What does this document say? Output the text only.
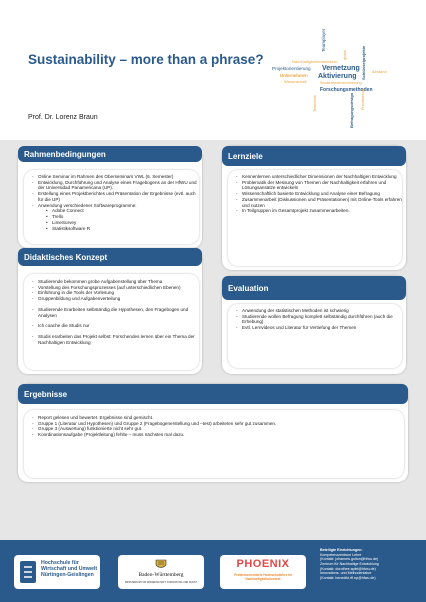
Sustainability – more than a phrase?
Prof. Dr. Lorenz Braun
Teamplayer
Nachhaltigkeit/entwickeln
Projektorientierung Vernetzung
Unternehmen Aktivierung
Wissenschaft	Studierendenzentrierung
Forschungsmethoden
Schlüsselprojekte Abstand
global
Teamwork	Befragungsdesign Praxisbezug
Rahmenbedingungen
- Online Seminar im Rahmen des Oberseminars VWL (6. Semester)
- Entwicklung, Durchführung und Analyse eines Fragebogens an der HfWU und der Universidad Panamericana (UP).
- Erstellung eines Projektberichtes und Präsentation der Ergebnisse (evtl. auch für die UP)
- Anwendung verschiedener Softwareprogramme:
• Adobe Connect
• Trello
• LimeSurvey
• Statistiksoftware R
Lernziele
- Kennenlernen unterschiedlicher Dimensionen der Nachhaltigen Entwicklung
- Problematik der Messung von Themen der Nachhaltigkeit erfahren und Lösungsansätze entwickeln
- Wissenschaftlich basierte Entwicklung und Analyse einer Befragung
- Zusammenarbeit (Diskussionen und Präsentationen) mit Online-Tools erfahren und nutzen
- In Teilgruppen im Gesamtprojekt zusammenarbeiten.
Didaktisches Konzept
- Studierende bekommen grobe Aufgabenstellung über Thema
- Vorstellung des Forschungsprozesses (auf unterschiedlichen Ebenen)
- Einführung in die Tools der Vorlesung
- Gruppenbildung und Aufgabenverteilung
- Studierende Erarbeiten selbständig die Hypothesen, den Fragebogen und Analysen
- Ich coache die Studis nur
- Studis erarbeiten das Projekt selbst: Forschendes lernen über ein Thema der Nachhaltigen Entwicklung
Evaluation
- Anwendung der statistischen Methoden ist schwierig
- Studierende wollen Befragung komplett selbständig durchführen (auch die Erhebung)
- Evtl. Lernvideos und Literatur für Vertiefung der Themen
Ergebnisse
- Report gelesen und bewertet. Ergebnisse sind gemischt.
- Gruppe 1 (Literatur und Hypothesen) und Gruppe 2 (Fragebogenerstellung und –test) arbeiteten sehr gut zusammen.
- Gruppe 3 (Auswertung) funktionierte nicht sehr gut.
- Koordinationsaufgabe (Projektleitung) fehlte – muss nächstes mal dazu.
Hochschule für
Wirtschaft und Umwelt
Nürtingen-Geislingen	Baden-Württemberg
MINISTERIUM FÜR WISSENSCHAFT, FORSCHUNG UND KUNST
PHOENIX
Problemorientierte Hochschullehre im Nachhaltigkeitskontext
Beteiligte Einrichtungen:
Kompetenzzentrum Lehre
(Kontakt: johannes.goiton@hfwu.de)
Zentrum für Nachhaltige Entwicklung
(Kontakt: dorothee.apfel@hfwu.de)
Innovations- und Methodenlabor
(Kontakt: benedikt.rff.np@hfwu.de)
